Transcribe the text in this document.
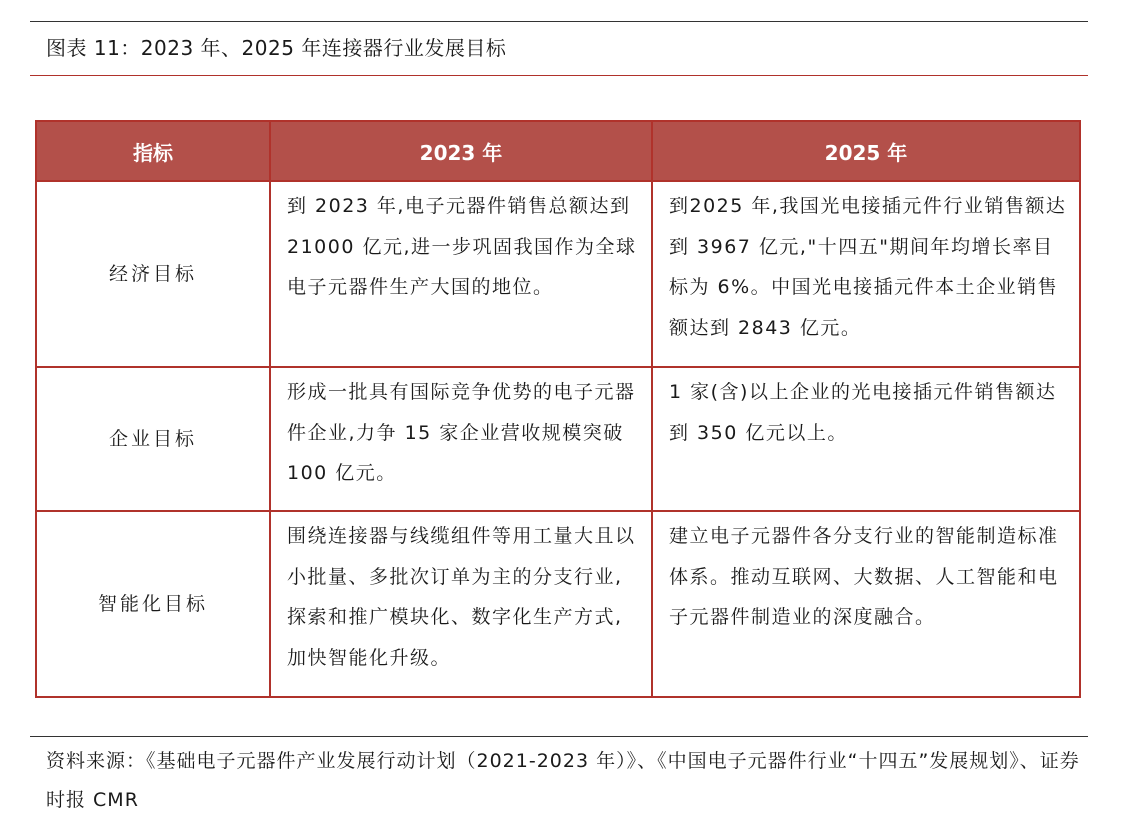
图表 11：2023 年、2025 年连接器行业发展目标
指标	2023 年	2025 年
经济目标	到 2023 年,电子元器件销售总额达到 21000 亿元,进一步巩固我国作为全球电子元器件生产大国的地位。	到2025 年,我国光电接插元件行业销售额达到 3967 亿元,"十四五"期间年均增长率目标为 6%。中国光电接插元件本土企业销售额达到 2843 亿元。
企业目标	形成一批具有国际竞争优势的电子元器件企业,力争 15 家企业营收规模突破 100 亿元。	1 家(含)以上企业的光电接插元件销售额达到 350 亿元以上。
智能化目标	围绕连接器与线缆组件等用工量大且以小批量、多批次订单为主的分支行业,探索和推广模块化、数字化生产方式,加快智能化升级。	建立电子元器件各分支行业的智能制造标准体系。推动互联网、大数据、人工智能和电子元器件制造业的深度融合。
资料来源：《基础电子元器件产业发展行动计划（2021-2023 年）》、《中国电子元器件行业“十四五”发展规划》、证券时报 CMR
